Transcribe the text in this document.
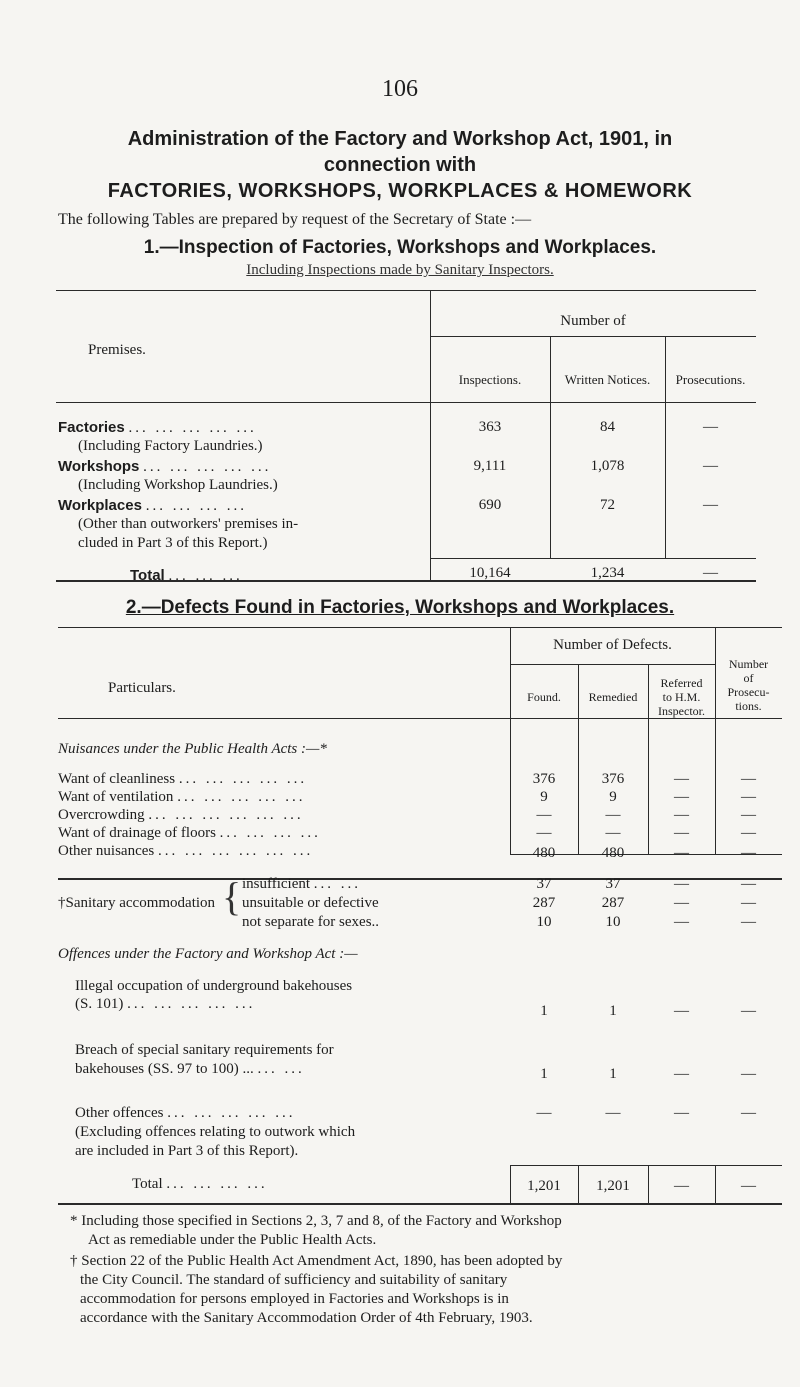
106
Administration of the Factory and Workshop Act, 1901, in
connection with
FACTORIES, WORKSHOPS, WORKPLACES & HOMEWORK
The following Tables are prepared by request of the Secretary of State :—
1.—Inspection of Factories, Workshops and Workplaces.
Including Inspections made by Sanitary Inspectors.
Premises.
Number of
Inspections.	Written Notices.	Prosecutions.
Factories ... ... ... ... ...
(Including Factory Laundries.)
363	84	—
Workshops ... ... ... ... ...
(Including Workshop Laundries.)
9,111	1,078	—
Workplaces ... ... ... ...
(Other than outworkers' premises in-
cluded in Part 3 of this Report.)
690	72	—
Total ... ... ...	10,164	1,234	—
2.—Defects Found in Factories, Workshops and Workplaces.
Particulars.
Number of Defects.
Found.	Remedied
Referred
to H.M.
Inspector.
Number
of
Prosecu-
tions.
Nuisances under the Public Health Acts :—*
Want of cleanliness ... ... ... ... ...	376	376	—	—
Want of ventilation ... ... ... ... ...	9	9	—	—
Overcrowding ... ... ... ... ... ...	—	—	—	—
Want of drainage of floors ... ... ... ...	—	—	—	—
Other nuisances ... ... ... ... ... ...	480	480	—	—
†Sanitary accommodation { insufficient ... ...	37	37	—	—
unsuitable or defective	287	287	—	—
not separate for sexes..	10	10	—	—
Offences under the Factory and Workshop Act :—
Illegal occupation of underground bakehouses
(S. 101) ... ... ... ... ...	1	1	—	—
Breach of special sanitary requirements for
bakehouses (SS. 97 to 100) ... ... ...	1	1	—	—
Other offences ... ... ... ... ...
(Excluding offences relating to outwork which
are included in Part 3 of this Report).
—	—	—	—
Total ... ... ... ...	1,201	1,201	—	—
* Including those specified in Sections 2, 3, 7 and 8, of the Factory and Workshop
Act as remediable under the Public Health Acts.
† Section 22 of the Public Health Act Amendment Act, 1890, has been adopted by
the City Council. The standard of sufficiency and suitability of sanitary
accommodation for persons employed in Factories and Workshops is in
accordance with the Sanitary Accommodation Order of 4th February, 1903.
